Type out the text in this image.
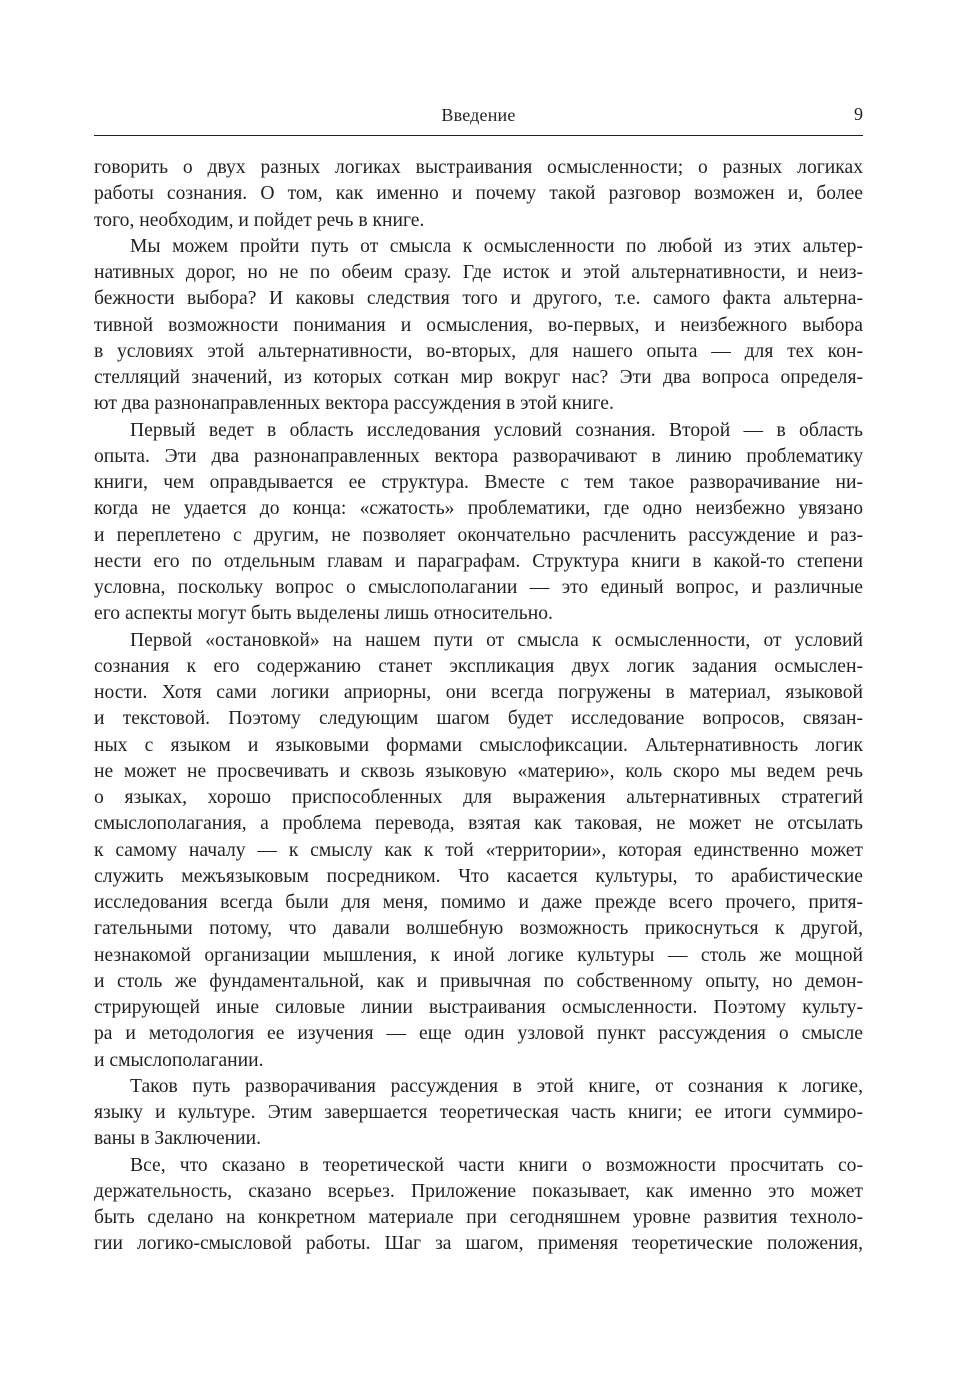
Введение	9
говорить о двух разных логиках выстраивания осмысленности; о разных логиках
работы сознания. О том, как именно и почему такой разговор возможен и, более
того, необходим, и пойдет речь в книге.
Мы можем пройти путь от смысла к осмысленности по любой из этих альтер-
нативных дорог, но не по обеим сразу. Где исток и этой альтернативности, и неиз-
бежности выбора? И каковы следствия того и другого, т.е. самого факта альтерна-
тивной возможности понимания и осмысления, во-первых, и неизбежного выбора
в условиях этой альтернативности, во-вторых, для нашего опыта — для тех кон-
стелляций значений, из которых соткан мир вокруг нас? Эти два вопроса определя-
ют два разнонаправленных вектора рассуждения в этой книге.
Первый ведет в область исследования условий сознания. Второй — в область
опыта. Эти два разнонаправленных вектора разворачивают в линию проблематику
книги, чем оправдывается ее структура. Вместе с тем такое разворачивание ни-
когда не удается до конца: «сжатость» проблематики, где одно неизбежно увязано
и переплетено с другим, не позволяет окончательно расчленить рассуждение и раз-
нести его по отдельным главам и параграфам. Структура книги в какой-то степени
условна, поскольку вопрос о смыслополагании — это единый вопрос, и различные
его аспекты могут быть выделены лишь относительно.
Первой «остановкой» на нашем пути от смысла к осмысленности, от условий
сознания к его содержанию станет экспликация двух логик задания осмыслен-
ности. Хотя сами логики априорны, они всегда погружены в материал, языковой
и текстовой. Поэтому следующим шагом будет исследование вопросов, связан-
ных с языком и языковыми формами смыслофиксации. Альтернативность логик
не может не просвечивать и сквозь языковую «материю», коль скоро мы ведем речь
о языках, хорошо приспособленных для выражения альтернативных стратегий
смыслополагания, а проблема перевода, взятая как таковая, не может не отсылать
к самому началу — к смыслу как к той «территории», которая единственно может
служить межъязыковым посредником. Что касается культуры, то арабистические
исследования всегда были для меня, помимо и даже прежде всего прочего, притя-
гательными потому, что давали волшебную возможность прикоснуться к другой,
незнакомой организации мышления, к иной логике культуры — столь же мощной
и столь же фундаментальной, как и привычная по собственному опыту, но демон-
стрирующей иные силовые линии выстраивания осмысленности. Поэтому культу-
ра и методология ее изучения — еще один узловой пункт рассуждения о смысле
и смыслополагании.
Таков путь разворачивания рассуждения в этой книге, от сознания к логике,
языку и культуре. Этим завершается теоретическая часть книги; ее итоги суммиро-
ваны в Заключении.
Все, что сказано в теоретической части книги о возможности просчитать со-
держательность, сказано всерьез. Приложение показывает, как именно это может
быть сделано на конкретном материале при сегодняшнем уровне развития техноло-
гии логико-смысловой работы. Шаг за шагом, применяя теоретические положения,
